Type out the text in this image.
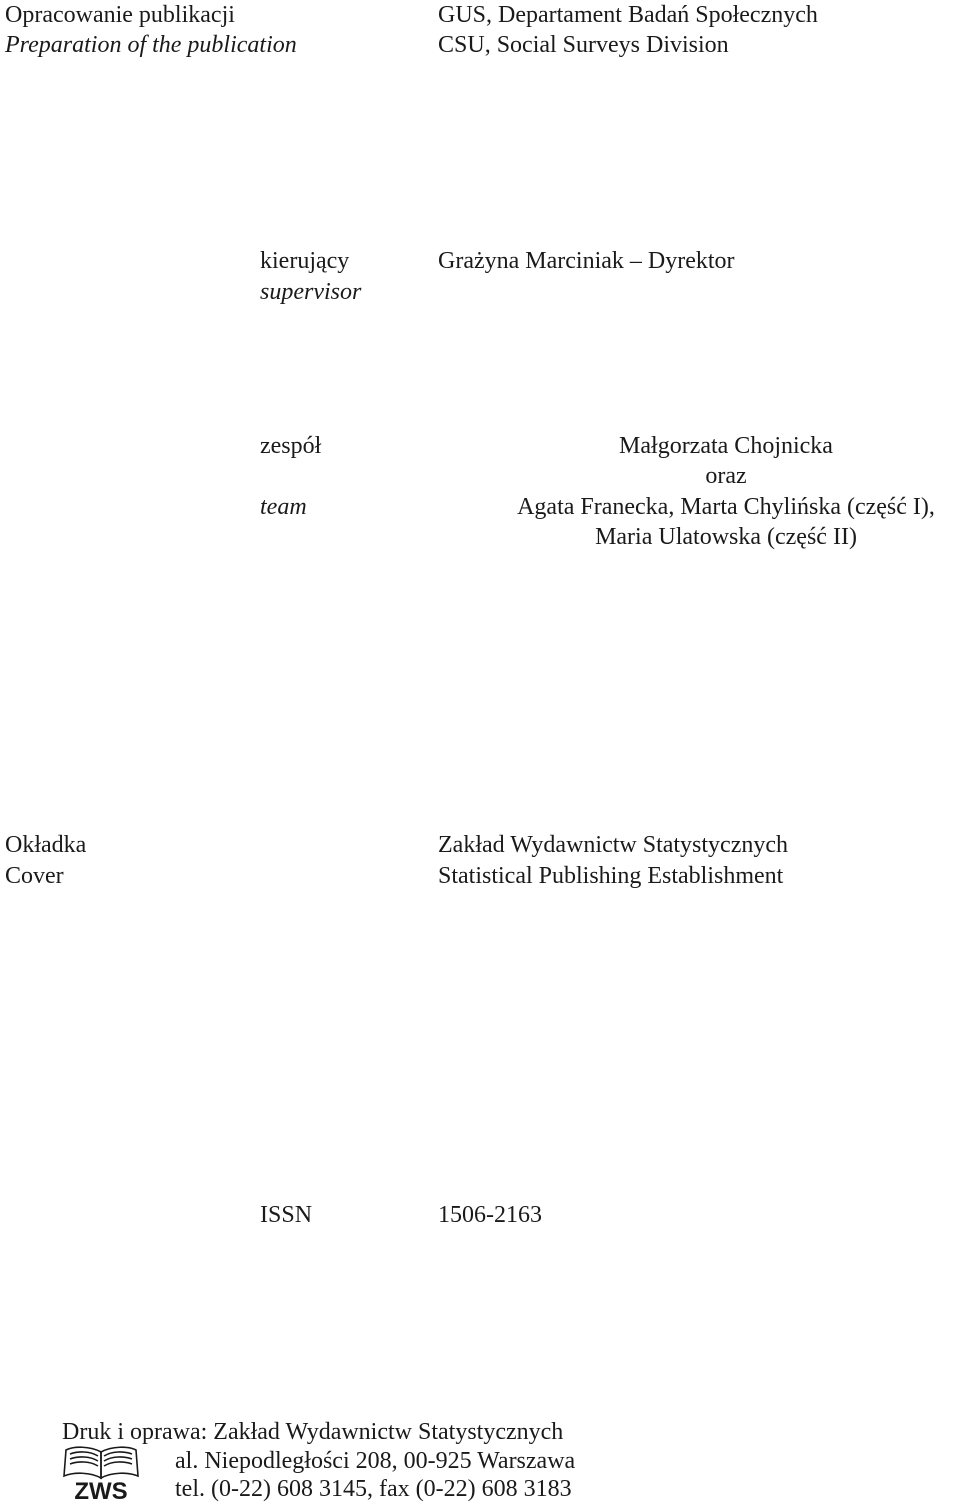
Opracowanie publikacji
Preparation of the publication
GUS, Departament Badań Społecznych
CSU, Social Surveys Division
kierujący
supervisor
Grażyna Marciniak – Dyrektor
zespół
team
Małgorzata Chojnicka
oraz
Agata Franecka, Marta Chylińska (część I),
Maria Ulatowska (część II)
Okładka
Cover
Zakład Wydawnictw Statystycznych
Statistical Publishing Establishment
ISSN	1506-2163
Druk i oprawa: Zakład Wydawnictw Statystycznych
al. Niepodległości 208, 00-925 Warszawa
tel. (0-22) 608 3145, fax (0-22) 608 3183
ZWS
